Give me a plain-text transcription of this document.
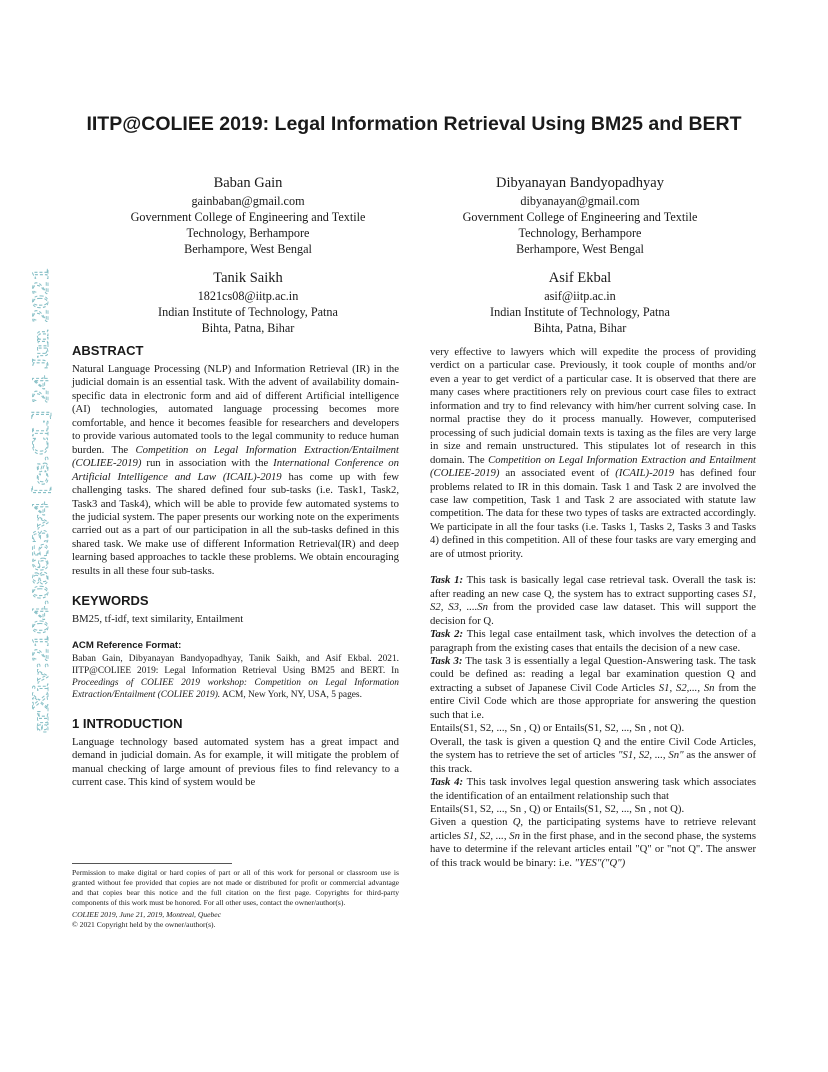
IITP@COLIEE 2019: Legal Information Retrieval Using BM25 and BERT
Baban Gain
gainbaban@gmail.com
Government College of Engineering and Textile
Technology, Berhampore
Berhampore, West Bengal
Dibyanayan Bandyopadhyay
dibyanayan@gmail.com
Government College of Engineering and Textile
Technology, Berhampore
Berhampore, West Bengal
Tanik Saikh
1821cs08@iitp.ac.in
Indian Institute of Technology, Patna
Bihta, Patna, Bihar
Asif Ekbal
asif@iitp.ac.in
Indian Institute of Technology, Patna
Bihta, Patna, Bihar
arXiv:2104.08653v4 [cs.CL] 24 Jun 2021 ABSTRACT

Natural Language Processing (NLP) and Information Retrieval (IR) in the judicial domain is an essential task. With the advent of availability domain-specific data in electronic form and aid of different Artificial intelligence (AI) technologies, automated language processing becomes more comfortable, and hence it becomes feasible for researchers and developers to provide various automated tools to the legal community to reduce human burden. The Competition on Legal Information Extraction/Entailment (COLIEE-2019) run in association with the International Conference on Artificial Intelligence and Law (ICAIL)-2019 has come up with few challenging tasks. The shared defined four sub-tasks (i.e. Task1, Task2, Task3 and Task4), which will be able to provide few automated systems to the judicial system. The paper presents our working note on the experiments carried out as a part of our participation in all the sub-tasks defined in this shared task. We make use of different Information Retrieval(IR) and deep learning based approaches to tackle these problems. We obtain encouraging results in all these four sub-tasks.

KEYWORDS

BM25, tf-idf, text similarity, Entailment

ACM Reference Format:

Baban Gain, Dibyanayan Bandyopadhyay, Tanik Saikh, and Asif Ekbal. 2021. IITP@COLIEE 2019: Legal Information Retrieval Using BM25 and BERT. In Proceedings of COLIEE 2019 workshop: Competition on Legal Information Extraction/Entailment (COLIEE 2019). ACM, New York, NY, USA, 5 pages.

1 INTRODUCTION

Language technology based automated system has a great impact and demand in judicial domain. As for example, it will mitigate the problem of manual checking of large amount of previous files to find relevancy to a current case. This kind of system would be

Permission to make digital or hard copies of part or all of this work for personal or classroom use is granted without fee provided that copies are not made or distributed for profit or commercial advantage and that copies bear this notice and the full citation on the first page. Copyrights for third-party components of this work must be honored. For all other uses, contact the owner/author(s).
COLIEE 2019, June 21, 2019, Montreal, Quebec
© 2021 Copyright held by the owner/author(s).

very effective to lawyers which will expedite the process of providing verdict on a particular case. Previously, it took couple of months and/or even a year to get verdict of a particular case. It is observed that there are many cases where practitioners rely on previous court case files to extract information and try to find relevancy with him/her current solving case. In normal practise they do it process manually. However, computerised processing of such judicial domain texts is taxing as the files are very large in size and remain unstructured. This stipulates lot of research in this domain. The Competition on Legal Information Extraction and Entailment (COLIEE-2019) an associated event of (ICAIL)-2019 has defined four problems related to IR in this domain. Task 1 and Task 2 are involved the case law competition, Task 1 and Task 2 are associated with statute law competition. The data for these two types of tasks are extracted accordingly. We participate in all the four tasks (i.e. Tasks 1, Tasks 2, Tasks 3 and Tasks 4) defined in this competition. All of these four tasks are vary emerging and are of utmost priority.

Task 1: This task is basically legal case retrieval task. Overall the task is: after reading an new case Q, the system has to extract supporting cases S1, S2, S3, ....Sn from the provided case law dataset. This will support the decision for Q.

Task 2: This legal case entailment task, which involves the detection of a paragraph from the existing cases that entails the decision of a new case.

Task 3: The task 3 is essentially a legal Question-Answering task. The task could be defined as: reading a legal bar examination question Q and extracting a subset of Japanese Civil Code Articles S1, S2,..., Sn from the entire Civil Code which are those appropriate for answering the question such that i.e.

Entails(S1, S2, ..., Sn , Q) or Entails(S1, S2, ..., Sn , not Q).

Overall, the task is given a question Q and the entire Civil Code Articles, the system has to retrieve the set of articles "S1, S2, ..., Sn" as the answer of this track.

Task 4: This task involves legal question answering task which associates the identification of an entailment relationship such that

Entails(S1, S2, ..., Sn , Q) or Entails(S1, S2, ..., Sn , not Q).

Given a question Q, the participating systems have to retrieve relevant articles S1, S2, ..., Sn in the first phase, and in the second phase, the systems have to determine if the relevant articles entail "Q" or "not Q". The answer of this track would be binary: i.e. "YES"("Q")
